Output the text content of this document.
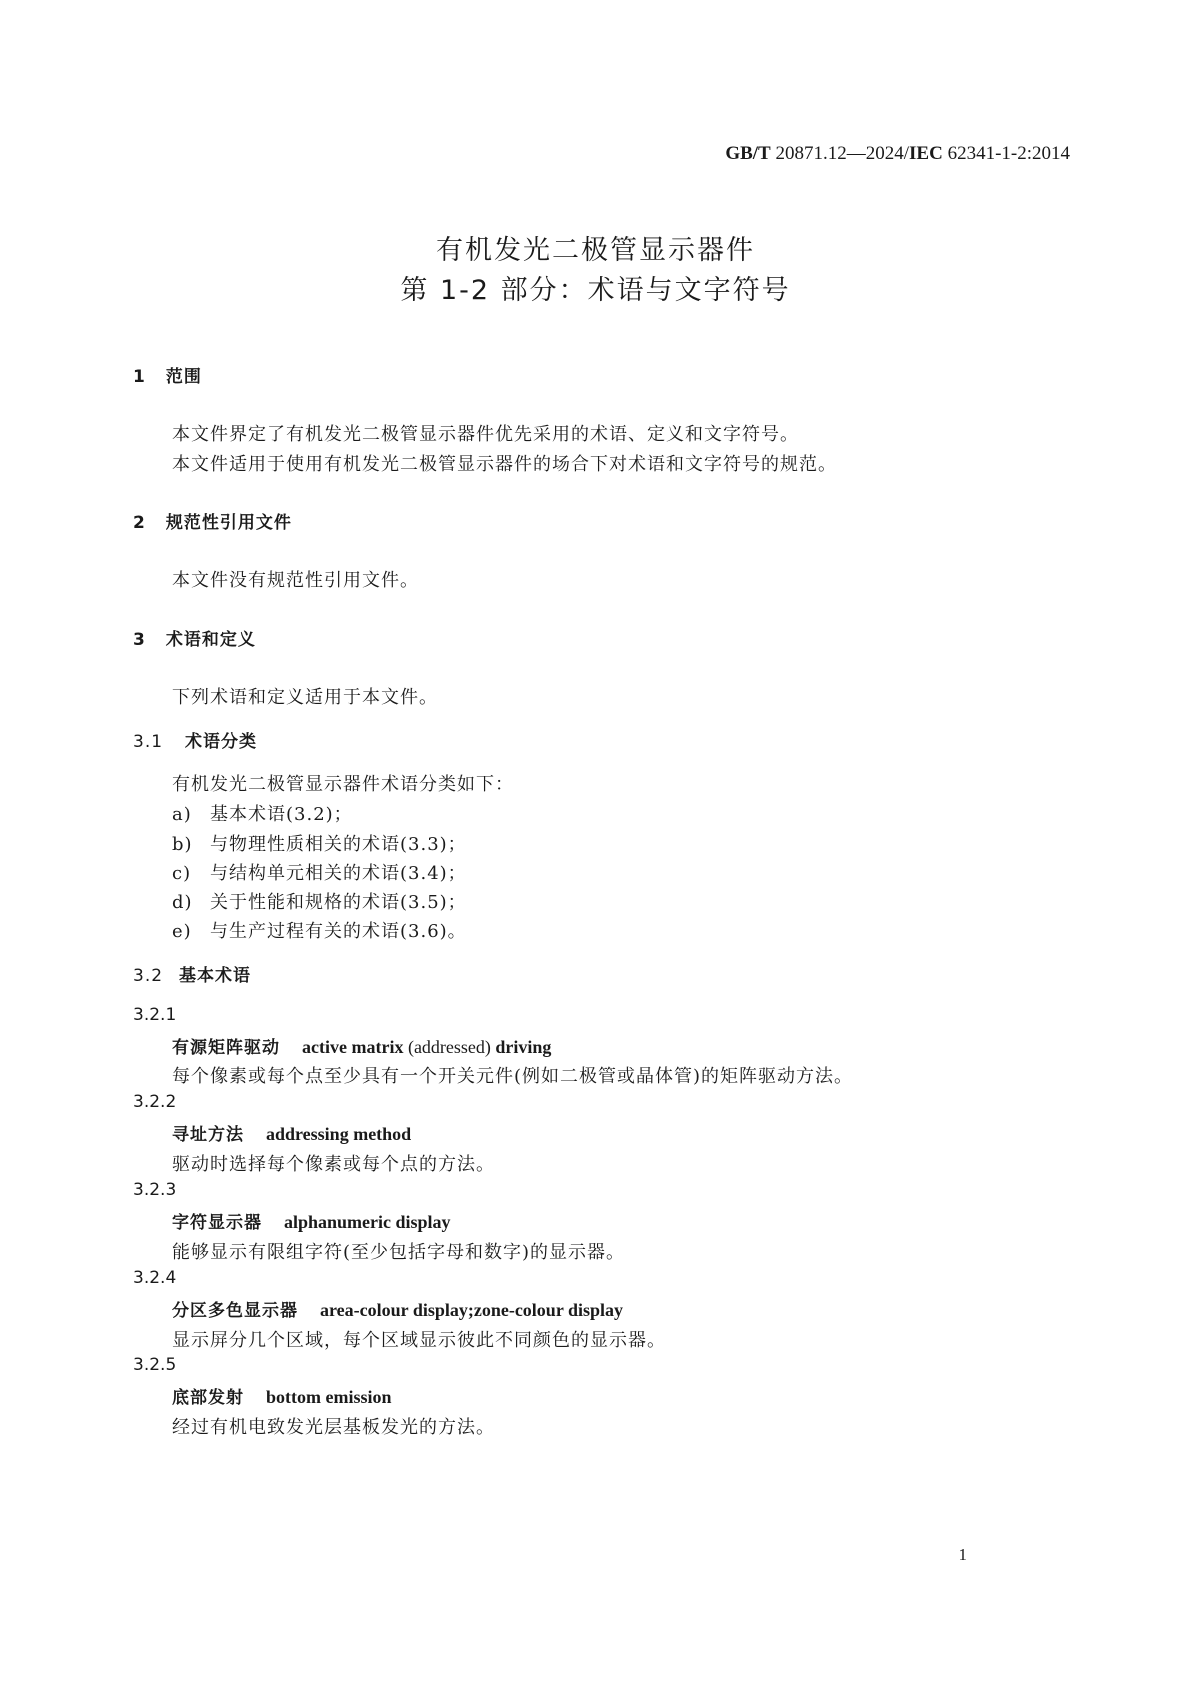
GB/T 20871.12—2024/IEC 62341-1-2:2014
有机发光二极管显示器件
第 1-2 部分：术语与文字符号
1 范围
本文件界定了有机发光二极管显示器件优先采用的术语、定义和文字符号。
本文件适用于使用有机发光二极管显示器件的场合下对术语和文字符号的规范。
2 规范性引用文件
本文件没有规范性引用文件。
3 术语和定义
下列术语和定义适用于本文件。
3.1 术语分类
有机发光二极管显示器件术语分类如下：
a) 基本术语(3.2)；
b) 与物理性质相关的术语(3.3)；
c) 与结构单元相关的术语(3.4)；
d) 关于性能和规格的术语(3.5)；
e) 与生产过程有关的术语(3.6)。
3.2 基本术语
3.2.1
有源矩阵驱动 active matrix (addressed) driving
每个像素或每个点至少具有一个开关元件(例如二极管或晶体管)的矩阵驱动方法。
3.2.2
寻址方法 addressing method
驱动时选择每个像素或每个点的方法。
3.2.3
字符显示器 alphanumeric display
能够显示有限组字符(至少包括字母和数字)的显示器。
3.2.4
分区多色显示器 area-colour display;zone-colour display
显示屏分几个区域，每个区域显示彼此不同颜色的显示器。
3.2.5
底部发射 bottom emission
经过有机电致发光层基板发光的方法。
1
